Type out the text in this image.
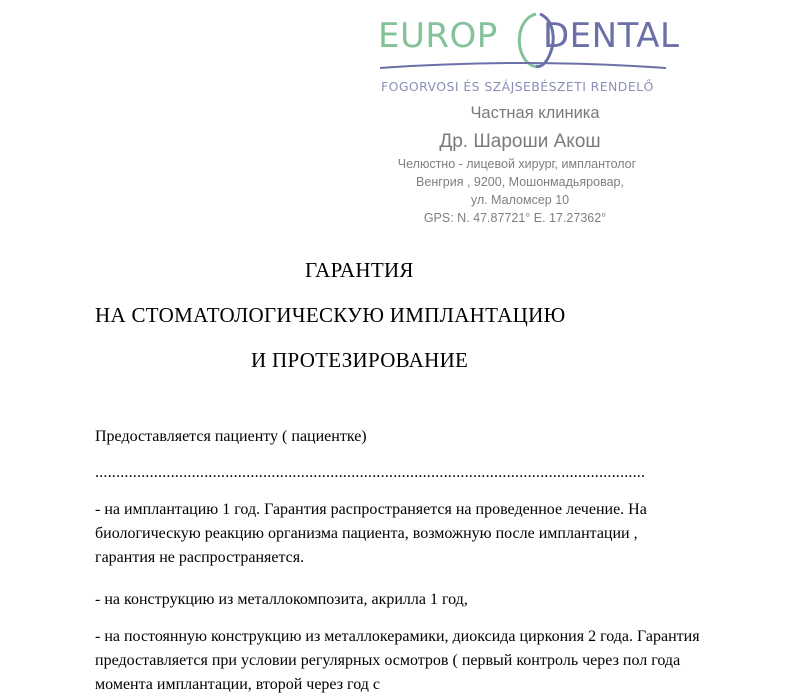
EUROP DENTAL
FOGORVOSI ÉS SZÁJSEBÉSZETI RENDELŐ
Частная клиника
Др. Шароши Акош
Челюстно - лицевой хирург, имплантолог
Венгрия , 9200, Мошонмадьяровар,
ул. Маломсер 10
GPS: N. 47.87721° E. 17.27362°
ГАРАНТИЯ
НА СТОМАТОЛОГИЧЕСКУЮ ИМПЛАНТАЦИЮ
И ПРОТЕЗИРОВАНИЕ
Предоставляется пациенту ( пациентке)
...................................................................................................................................
- на имплантацию 1 год. Гарантия распространяется на проведенное лечение. На биологическую реакцию организма пациента, возможную после имплантации , гарантия не распространяется.
- на конструкцию из металлокомпозита, акрилла 1 год,
- на постоянную конструкцию из металлокерамики, диоксида циркония 2 года. Гарантия предоставляется при условии регулярных осмотров ( первый контроль через пол года момента имплантации, второй через год с
